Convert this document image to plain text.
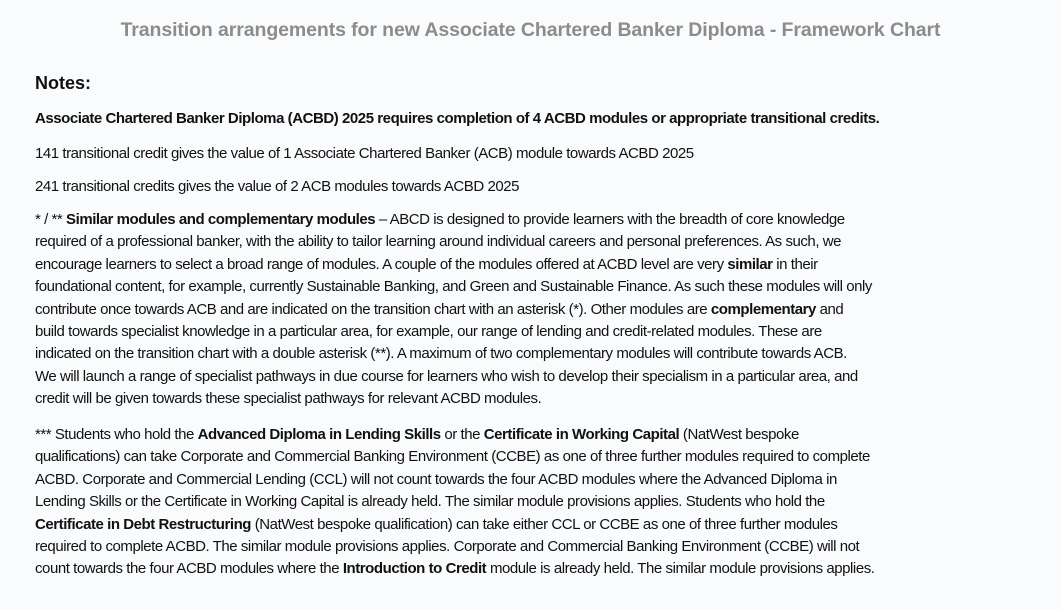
Transition arrangements for new Associate Chartered Banker Diploma - Framework Chart
Notes:
Associate Chartered Banker Diploma (ACBD) 2025 requires completion of 4 ACBD modules or appropriate transitional credits.
141 transitional credit gives the value of 1 Associate Chartered Banker (ACB) module towards ACBD 2025
241 transitional credits gives the value of 2 ACB modules towards ACBD 2025
* / ** Similar modules and complementary modules – ABCD is designed to provide learners with the breadth of core knowledge
required of a professional banker, with the ability to tailor learning around individual careers and personal preferences. As such, we
encourage learners to select a broad range of modules. A couple of the modules offered at ACBD level are very similar in their
foundational content, for example, currently Sustainable Banking, and Green and Sustainable Finance. As such these modules will only
contribute once towards ACB and are indicated on the transition chart with an asterisk (*). Other modules are complementary and
build towards specialist knowledge in a particular area, for example, our range of lending and credit-related modules. These are
indicated on the transition chart with a double asterisk (**). A maximum of two complementary modules will contribute towards ACB.
We will launch a range of specialist pathways in due course for learners who wish to develop their specialism in a particular area, and
credit will be given towards these specialist pathways for relevant ACBD modules.
*** Students who hold the Advanced Diploma in Lending Skills or the Certificate in Working Capital (NatWest bespoke
qualifications) can take Corporate and Commercial Banking Environment (CCBE) as one of three further modules required to complete
ACBD. Corporate and Commercial Lending (CCL) will not count towards the four ACBD modules where the Advanced Diploma in
Lending Skills or the Certificate in Working Capital is already held. The similar module provisions applies. Students who hold the
Certificate in Debt Restructuring (NatWest bespoke qualification) can take either CCL or CCBE as one of three further modules
required to complete ACBD. The similar module provisions applies. Corporate and Commercial Banking Environment (CCBE) will not
count towards the four ACBD modules where the Introduction to Credit module is already held. The similar module provisions applies.
